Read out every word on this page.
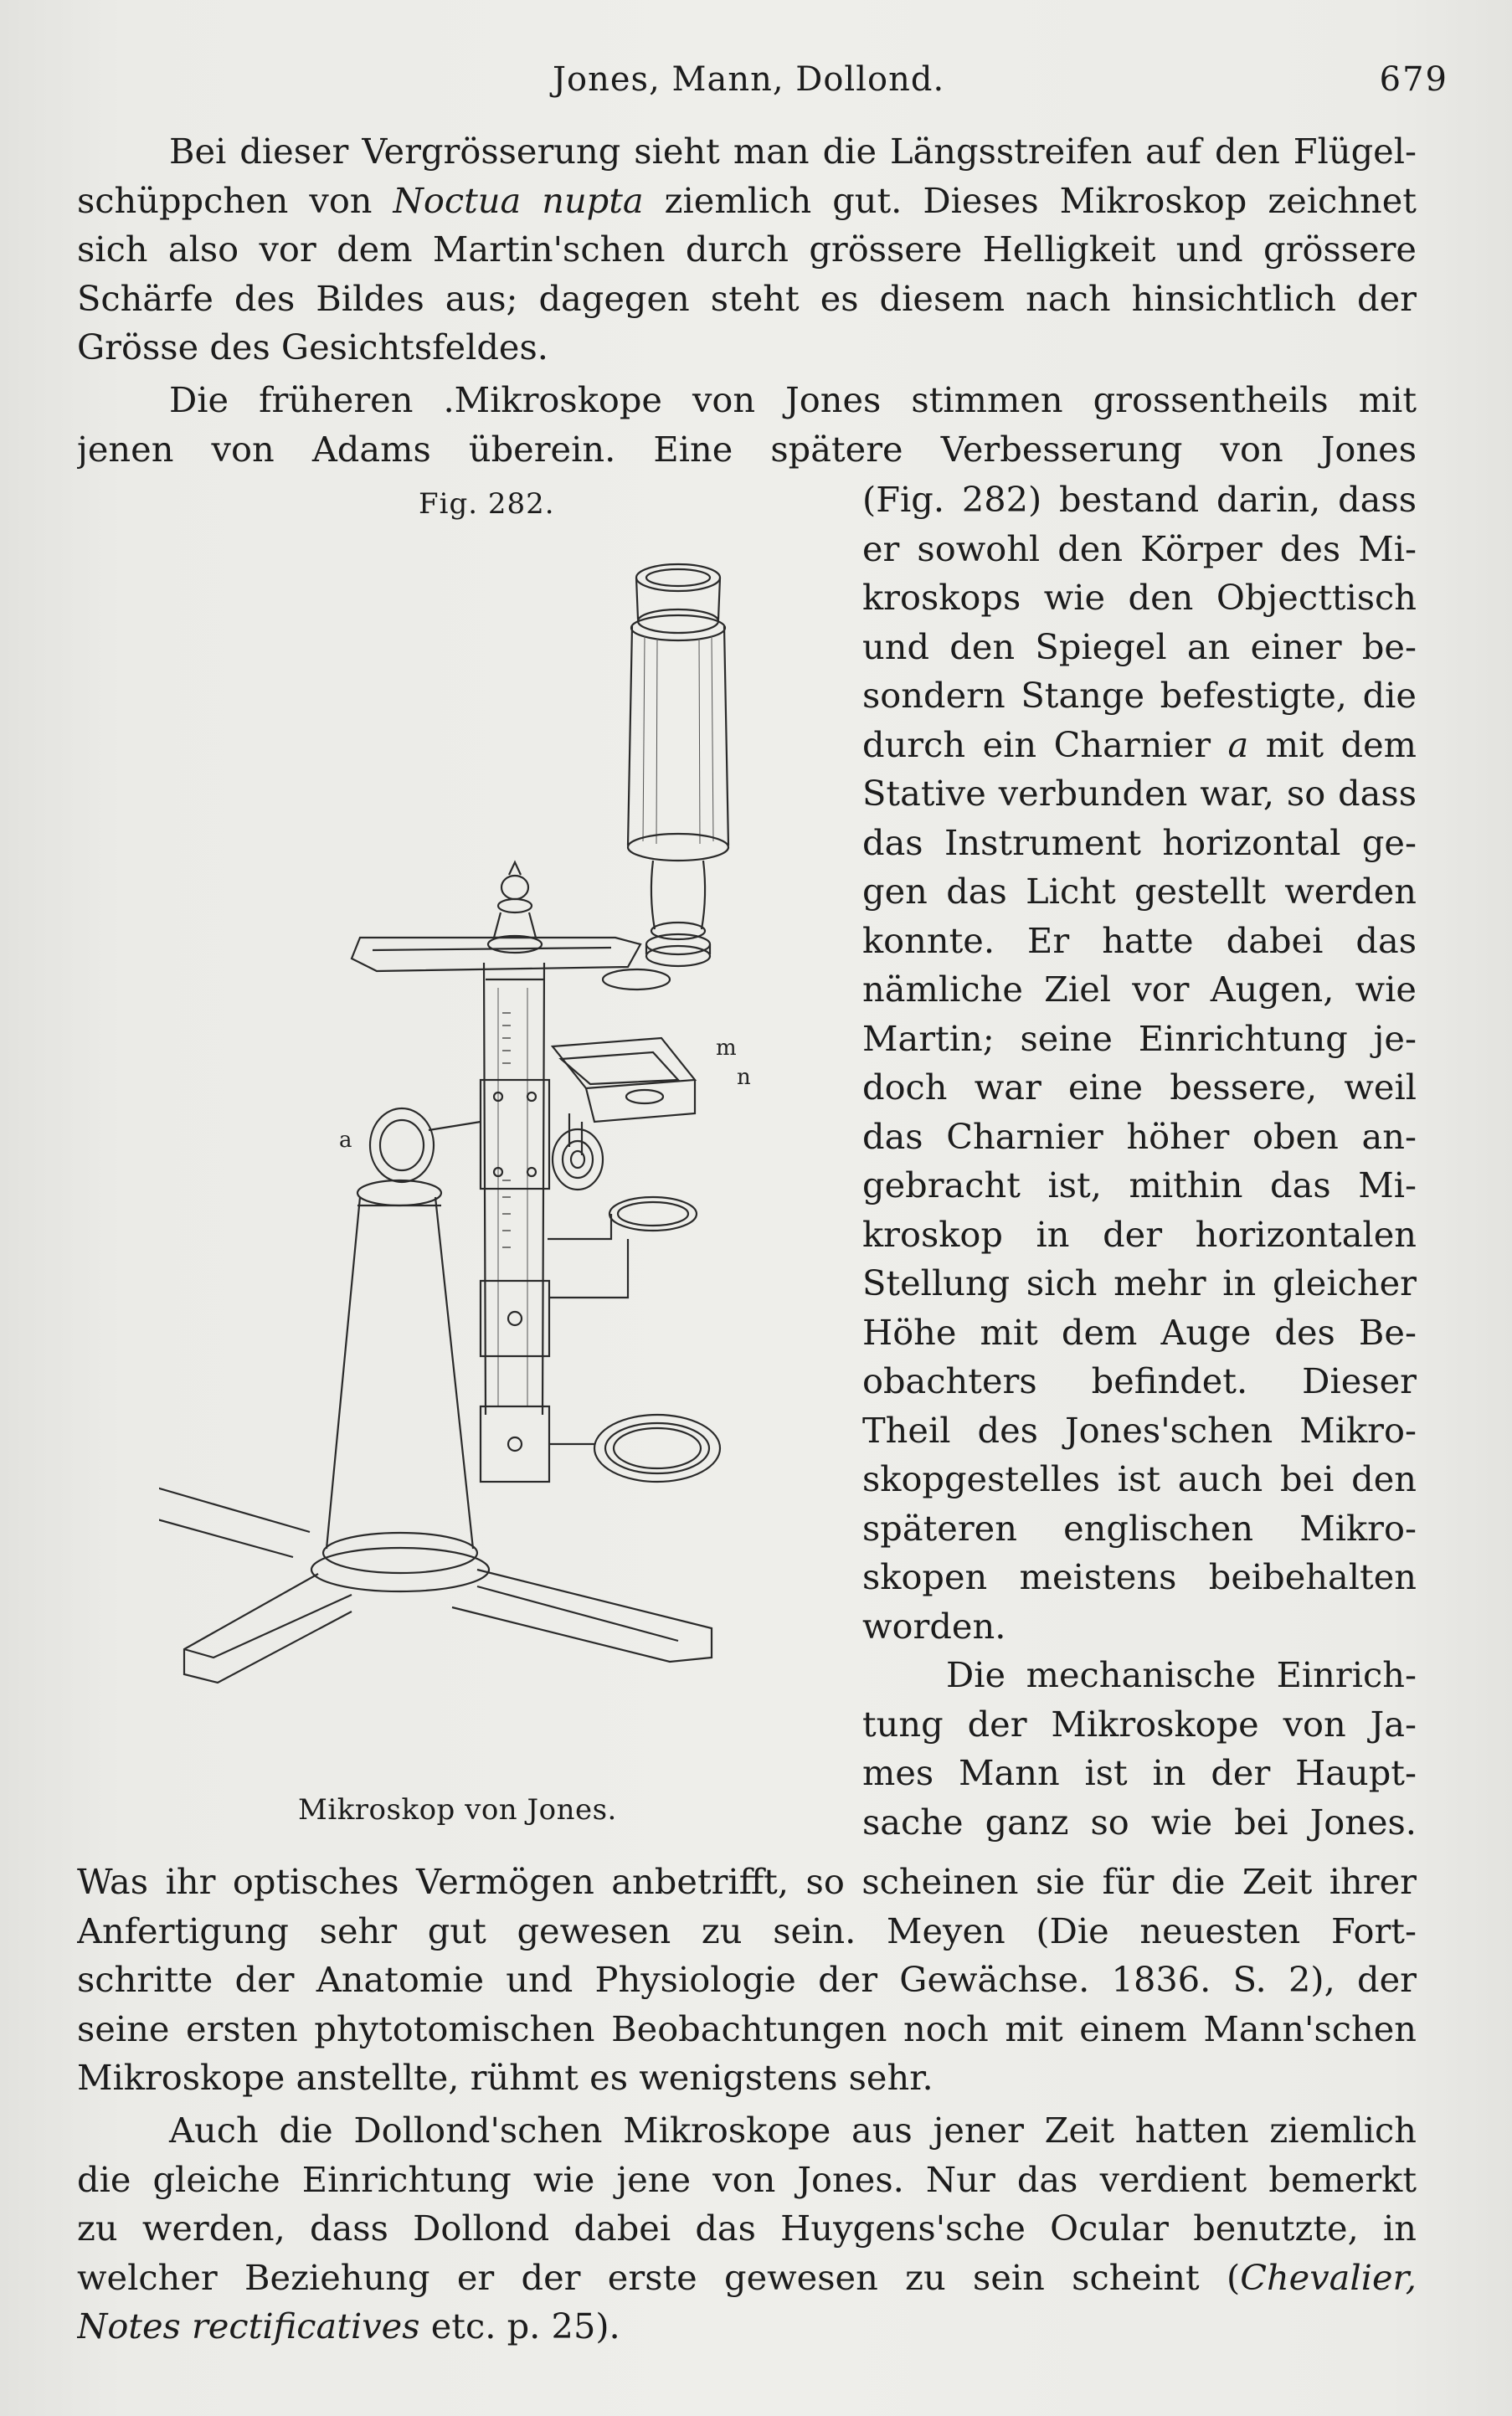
Jones, Mann, Dollond.	679
Bei dieser Vergrösserung sieht man die Längsstreifen auf den Flügel-
schüppchen von Noctua nupta ziemlich gut. Dieses Mikroskop zeichnet
sich also vor dem Martin'schen durch grössere Helligkeit und grössere
Schärfe des Bildes aus; dagegen steht es diesem nach hinsichtlich der
Grösse des Gesichtsfeldes.
Die früheren .Mikroskope von Jones stimmen grossentheils mit
jenen von Adams überein. Eine spätere Verbesserung von Jones
Fig. 282.	(Fig. 282) bestand darin, dass
er sowohl den Körper des Mi-
kroskops wie den Objecttisch
und den Spiegel an einer be-
sondern Stange befestigte, die
durch ein Charnier a mit dem
Stative verbunden war, so dass
das Instrument horizontal ge-
gen das Licht gestellt werden
konnte. Er hatte dabei das
nämliche Ziel vor Augen, wie
Martin; seine Einrichtung je-
doch war eine bessere, weil
das Charnier höher oben an-
gebracht ist, mithin das Mi-
kroskop in der horizontalen
Stellung sich mehr in gleicher
Höhe mit dem Auge des Be-
obachters befindet. Dieser
Theil des Jones'schen Mikro-
skopgestelles ist auch bei den
späteren englischen Mikro-
skopen meistens beibehalten
worden.
Die mechanische Einrich-
tung der Mikroskope von Ja-
mes Mann ist in der Haupt-
sache ganz so wie bei Jones.
a
m
n
Mikroskop von Jones.
Was ihr optisches Vermögen anbetrifft, so scheinen sie für die Zeit ihrer
Anfertigung sehr gut gewesen zu sein. Meyen (Die neuesten Fort-
schritte der Anatomie und Physiologie der Gewächse. 1836. S. 2), der
seine ersten phytotomischen Beobachtungen noch mit einem Mann'schen
Mikroskope anstellte, rühmt es wenigstens sehr.
Auch die Dollond'schen Mikroskope aus jener Zeit hatten ziemlich
die gleiche Einrichtung wie jene von Jones. Nur das verdient bemerkt
zu werden, dass Dollond dabei das Huygens'sche Ocular benutzte, in
welcher Beziehung er der erste gewesen zu sein scheint (Chevalier,
Notes rectificatives etc. p. 25).
